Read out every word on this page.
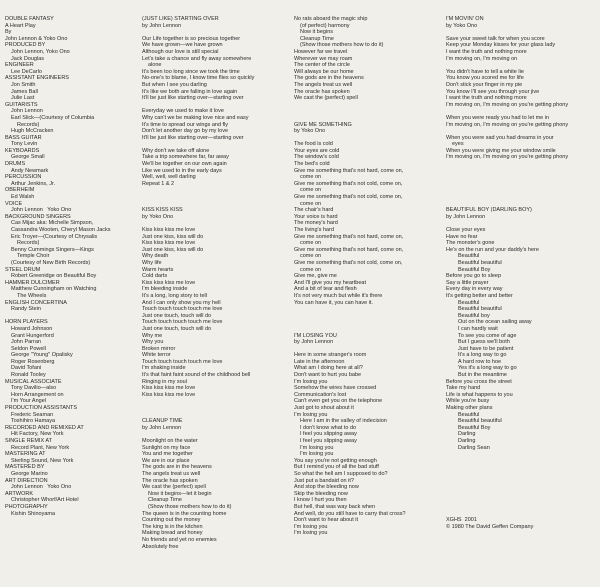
DOUBLE FANTASY
A Heart Play
By
John Lennon & Yoko Ono
PRODUCED BY
John Lennon, Yoko Ono
Jack Douglas
ENGINEER
Lee DeCarlo
ASSISTANT ENGINEERS
Jon Smith
James Ball
Julie Last
GUITARISTS
John Lennon
Earl Slick—(Courtesy of Columbia
Records)
Hugh McCracken
BASS GUITAR
Tony Levin
KEYBOARDS
George Small
DRUMS
Andy Newmark
PERCUSSION
Arthur Jenkins, Jr.
OBERHEIM
Ed Walsh
VOICE
John Lennon   Yoko Ono
BACKGROUND SINGERS
Cas Mijac aka: Michelle Simpson,
Cassandra Wooten, Cheryl Mason Jacks
Eric Troyer—(Courtesy of Chrysalis
Records)
Benny Cummings Singers—Kings
Temple Choir
(Courtesy of New Birth Records)
STEEL DRUM
Robert Greenidge on Beautiful Boy
HAMMER DULCIMER
Matthew Cunningham on Watching
The Wheels
ENGLISH CONCERTINA
Randy Stein
HORN PLAYERS
Howard Johnson
Grant Hungerford
John Parran
Seldon Powell
George "Young" Opalisky
Roger Rosenberg
David Tofani
Ronald Tooley
MUSICAL ASSOCIATE
Tony Davilio—also
Horn Arrangement on
I'm Your Angel
PRODUCTION ASSISTANTS
Frederic Seaman
Toshihiro Hamaya
RECORDED AND REMIXED AT
Hit Factory, New York
SINGLE REMIX AT
Record Plant, New York
MASTERING AT
Sterling Sound, New York
MASTERED BY
George Marino
ART DIRECTION
John Lennon   Yoko Ono
ARTWORK
Christopher Whorf/Art Hotel
PHOTOGRAPHY
Kishin Shinoyama
(JUST LIKE) STARTING OVER
by John Lennon
Our Life together is so precious together
We have grown—we have grown
Although our love is still special
Let's take a chance and fly away somewhere
alone
It's been too long since we took the time
No-one's to blame, I know time flies so quickly
But when I see you darling
It's like we both are falling in love again
It'll be just like starting over—starting over
Everyday we used to make it love
Why can't we be making love nice and easy
It's time to spread our wings and fly
Don't let another day go by my love
It'll be just like starting over—starting over
Why don't we take off alone
Take a trip somewhere far, far away
We'll be together on our own again
Like we used to in the early days
Well, well, well darling
Repeat 1 & 2
KISS KISS KISS
by Yoko Ono
Kiss kiss kiss me love
Just one kiss, kiss will do
Kiss kiss kiss me love
Just one kiss, kiss will do
Why death
Why life
Warm hearts
Cold darts
Kiss kiss kiss me love
I'm bleeding inside
It's a long, long story to tell
And I can only show you my hell
Touch touch touch touch me love
Just one touch, touch will do
Touch touch touch touch me love
Just one touch, touch will do
Why me
Why you
Broken mirror
White terror
Touch touch touch touch me love
I'm shaking inside
It's that faint faint sound of the childhood bell
Ringing in my soul
Kiss kiss kiss me love
Kiss kiss kiss me love
CLEANUP TIME
by John Lennon
Moonlight on the water
Sunlight on my face
You and me together
We are in our place
The gods are in the heavens
The angels treat us well
The oracle has spoken
We cast the (perfect) spell
Now it begins—let it begin
Cleanup Time
(Show those mothers how to do it)
The queen is in the counting home
Counting out the money
The king is in the kitchen
Making bread and honey
No friends and yet no enemies
Absolutely free
No rats aboard the magic ship
(of perfect) harmony
Now it begins
Cleanup Time
(Show those mothers how to do it)
However far we travel
Wherever we may roam
The center of the circle
Will always be our home
The gods are in the heavens
The angels treat us well
The oracle has spoken
We cast the (perfect) spell
GIVE ME SOMETHING
by Yoko Ono
The food is cold
Your eyes are cold
The window's cold
The bed's cold
Give me something that's not hard, come on,
come on
Give me something that's not cold, come on,
come on
Give me something that's not cold, come on,
come on
The chair's hard
Your voice is hard
The money's hard
The living's hard
Give me something that's not hard, come on,
come on
Give me something that's not hard, come on,
come on
Give me something that's not cold, come on,
come on
Give me, give me
And I'll give you my heartbeat
And a bit of tear and flesh
It's not very much but while it's there
You can have it, you can have it.
I'M LOSING YOU
by John Lennon
Here in some stranger's room
Late in the afternoon
What am I doing here at all?
Don't want to hurt you babe
I'm losing you
Somehow the wires have crossed
Communication's lost
Can't even get you on the telephone
Just got to shout about it
I'm losing you
Here I am in the valley of indecision
I don't know what to do
I feel you slipping away
I feel you slipping away
I'm losing you
I'm losing you
You say you're not getting enough
But I remind you of all the bad stuff
So what the hell am I supposed to do?
Just put a bandaid on it?
And stop the bleeding now
Skip the bleeding now
I know I hurt you then
But hell, that was way back when
And well, do you still have to carry that cross?
Don't want to hear about it
I'm losing you
I'm losing you
I'M MOVIN' ON
by Yoko Ono
Save your sweet talk for when you score
Keep your Monday kisses for your glass lady
I want the truth and nothing more
I'm moving on, I'm moving on
You didn't have to tell a white lie
You know you scored me for life
Don't stick your finger in my pie
You know I'll see you through your jive
I want the truth and nothing more
I'm moving on, I'm moving on you're getting phony
When you were ready you had to let me in
I'm moving on, I'm moving on you're getting phony
When you were sad you had dreams in your
eyes
When you were giving me your window smile
I'm moving on, I'm moving on you're getting phony
BEAUTIFUL BOY (DARLING BOY)
by John Lennon
Close your eyes
Have no fear
The monster's gone
He's on the run and your daddy's here
Beautiful
Beautiful beautiful
Beautiful Boy
Before you go to sleep
Say a little prayer
Every day in every way
It's getting better and better
Beautiful
Beautiful beautiful
Beautiful boy
Out on the ocean sailing away
I can hardly wait
To see you come of age
But I guess we'll both
Just have to be patient
It's a long way to go
A hard row to hoe
Yes it's a long way to go
But in the meantime
Before you cross the street
Take my hand
Life is what happens to you
While you're busy
Making other plans
Beautiful
Beautiful beautiful
Beautiful Boy
Darling
Darling
Darling Sean
XGHS  2001
© 1980 The David Geffen Company
